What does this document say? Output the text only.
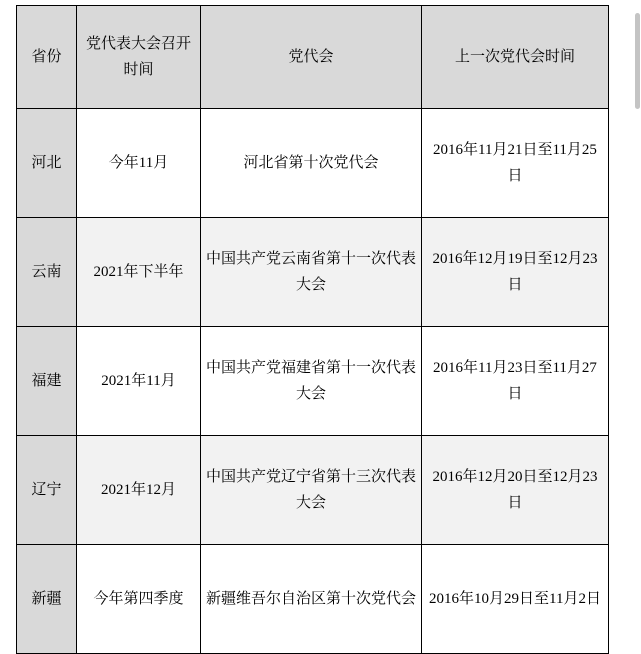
省份	党代表大会召开时间	党代会	上一次党代会时间
河北	今年11月	河北省第十次党代会	2016年11月21日至11月25日
云南	2021年下半年	中国共产党云南省第十一次代表大会	2016年12月19日至12月23日
福建	2021年11月	中国共产党福建省第十一次代表大会	2016年11月23日至11月27日
辽宁	2021年12月	中国共产党辽宁省第十三次代表大会	2016年12月20日至12月23日
新疆	今年第四季度	新疆维吾尔自治区第十次党代会	2016年10月29日至11月2日
